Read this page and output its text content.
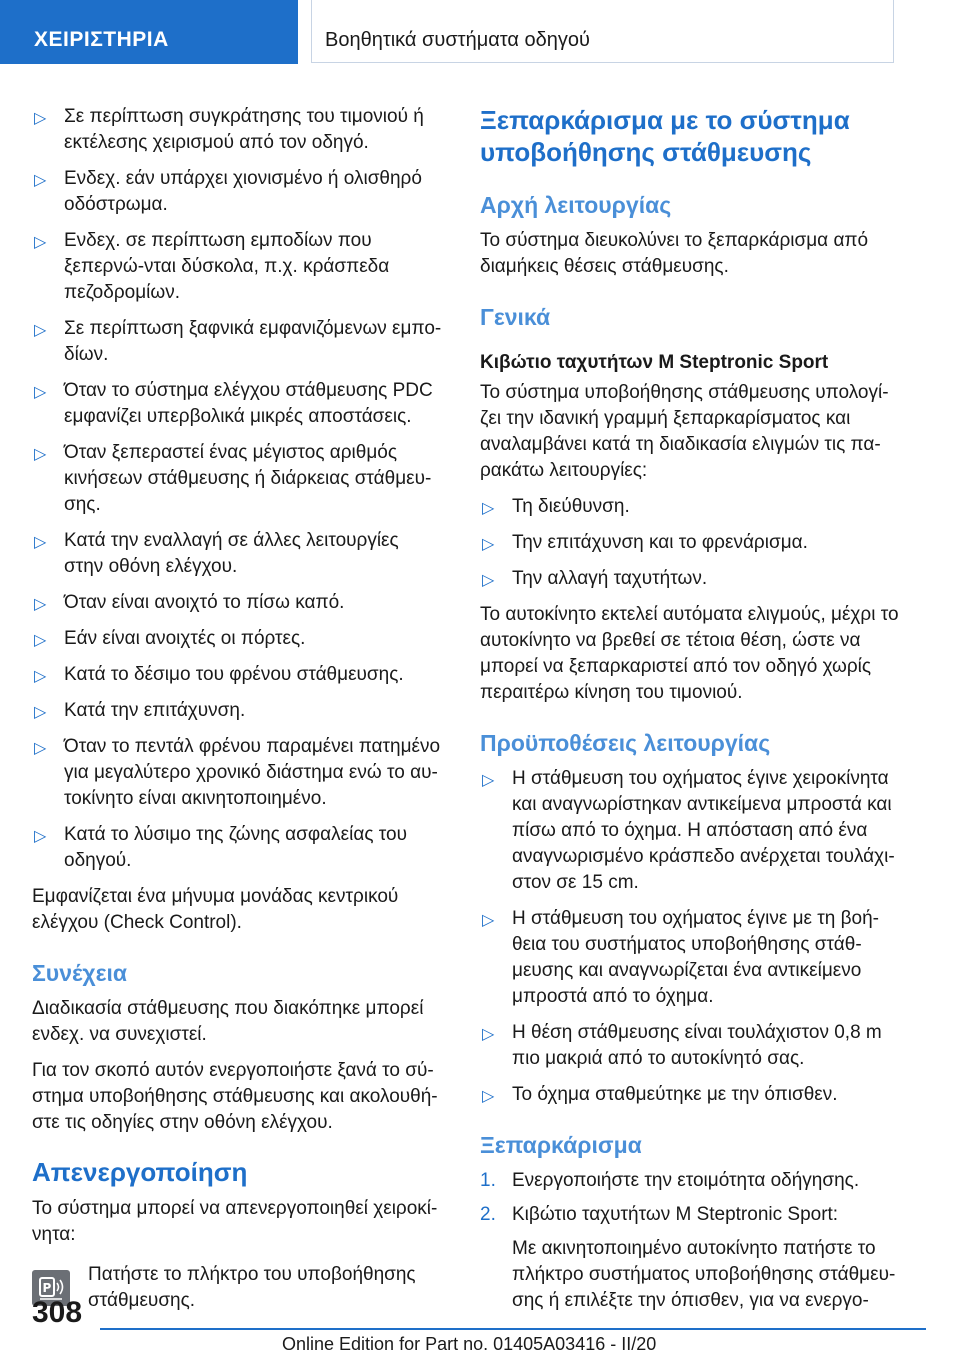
ΧΕΙΡΙΣΤΗΡΙΑ	Βοηθητικά συστήματα οδηγού

▷ Σε περίπτωση συγκράτησης του τιμονιού ή εκτέλεσης χειρισμού από τον οδηγό.

▷ Ενδεχ. εάν υπάρχει χιονισμένο ή ολισθηρό οδόστρωμα.

▷ Ενδεχ. σε περίπτωση εμποδίων που ξεπερνώ-νται δύσκολα, π.χ. κράσπεδα πεζοδρομίων.

▷ Σε περίπτωση ξαφνικά εμφανιζόμενων εμπο-δίων.

▷ Όταν το σύστημα ελέγχου στάθμευσης PDC εμφανίζει υπερβολικά μικρές αποστάσεις.

▷ Όταν ξεπεραστεί ένας μέγιστος αριθμός κινήσεων στάθμευσης ή διάρκειας στάθμευ-σης.

▷ Κατά την εναλλαγή σε άλλες λειτουργίες στην οθόνη ελέγχου.

▷ Όταν είναι ανοιχτό το πίσω καπό.

▷ Εάν είναι ανοιχτές οι πόρτες.

▷ Κατά το δέσιμο του φρένου στάθμευσης.

▷ Κατά την επιτάχυνση.

▷ Όταν το πεντάλ φρένου παραμένει πατημένο για μεγαλύτερο χρονικό διάστημα ενώ το αυ-τοκίνητο είναι ακινητοποιημένο.

▷ Κατά το λύσιμο της ζώνης ασφαλείας του οδηγού.

Εμφανίζεται ένα μήνυμα μονάδας κεντρικού ελέγχου (Check Control).

Συνέχεια

Διαδικασία στάθμευσης που διακόπηκε μπορεί ενδεχ. να συνεχιστεί.

Για τον σκοπό αυτόν ενεργοποιήστε ξανά το σύ-στημα υποβοήθησης στάθμευσης και ακολουθή-στε τις οδηγίες στην οθόνη ελέγχου.

Απενεργοποίηση

Το σύστημα μπορεί να απενεργοποιηθεί χειροκί-νητα:

P
Πατήστε το πλήκτρο του υποβοήθησης στάθμευσης.
Ξεπαρκάρισμα με το σύστημα υποβοήθησης στάθμευσης
Αρχή λειτουργίας

Το σύστημα διευκολύνει το ξεπαρκάρισμα από διαμήκεις θέσεις στάθμευσης.

Γενικά
Κιβώτιο ταχυτήτων M Steptronic Sport

Το σύστημα υποβοήθησης στάθμευσης υπολογί-ζει την ιδανική γραμμή ξεπαρκαρίσματος και αναλαμβάνει κατά τη διαδικασία ελιγμών τις πα-ρακάτω λειτουργίες:

▷ Τη διεύθυνση.

▷ Την επιτάχυνση και το φρενάρισμα.

▷ Την αλλαγή ταχυτήτων.

Το αυτοκίνητο εκτελεί αυτόματα ελιγμούς, μέχρι το αυτοκίνητο να βρεθεί σε τέτοια θέση, ώστε να μπορεί να ξεπαρκαριστεί από τον οδηγό χωρίς περαιτέρω κίνηση του τιμονιού.

Προϋποθέσεις λειτουργίας

▷ Η στάθμευση του οχήματος έγινε χειροκίνητα και αναγνωρίστηκαν αντικείμενα μπροστά και πίσω από το όχημα. Η απόσταση από ένα αναγνωρισμένο κράσπεδο ανέρχεται τουλάχι-στον σε 15 cm.

▷ Η στάθμευση του οχήματος έγινε με τη βοή-θεια του συστήματος υποβοήθησης στάθ-μευσης και αναγνωρίζεται ένα αντικείμενο μπροστά από το όχημα.

▷ Η θέση στάθμευσης είναι τουλάχιστον 0,8 m πιο μακριά από το αυτοκίνητό σας.

▷ Το όχημα σταθμεύτηκε με την όπισθεν.

Ξεπαρκάρισμα

1. Ενεργοποιήστε την ετοιμότητα οδήγησης.

2. Κιβώτιο ταχυτήτων M Steptronic Sport:

Με ακινητοποιημένο αυτοκίνητο πατήστε το πλήκτρο συστήματος υποβοήθησης στάθμευ-σης ή επιλέξτε την όπισθεν, για να ενεργο-

308
Online Edition for Part no. 01405A03416 - II/20
